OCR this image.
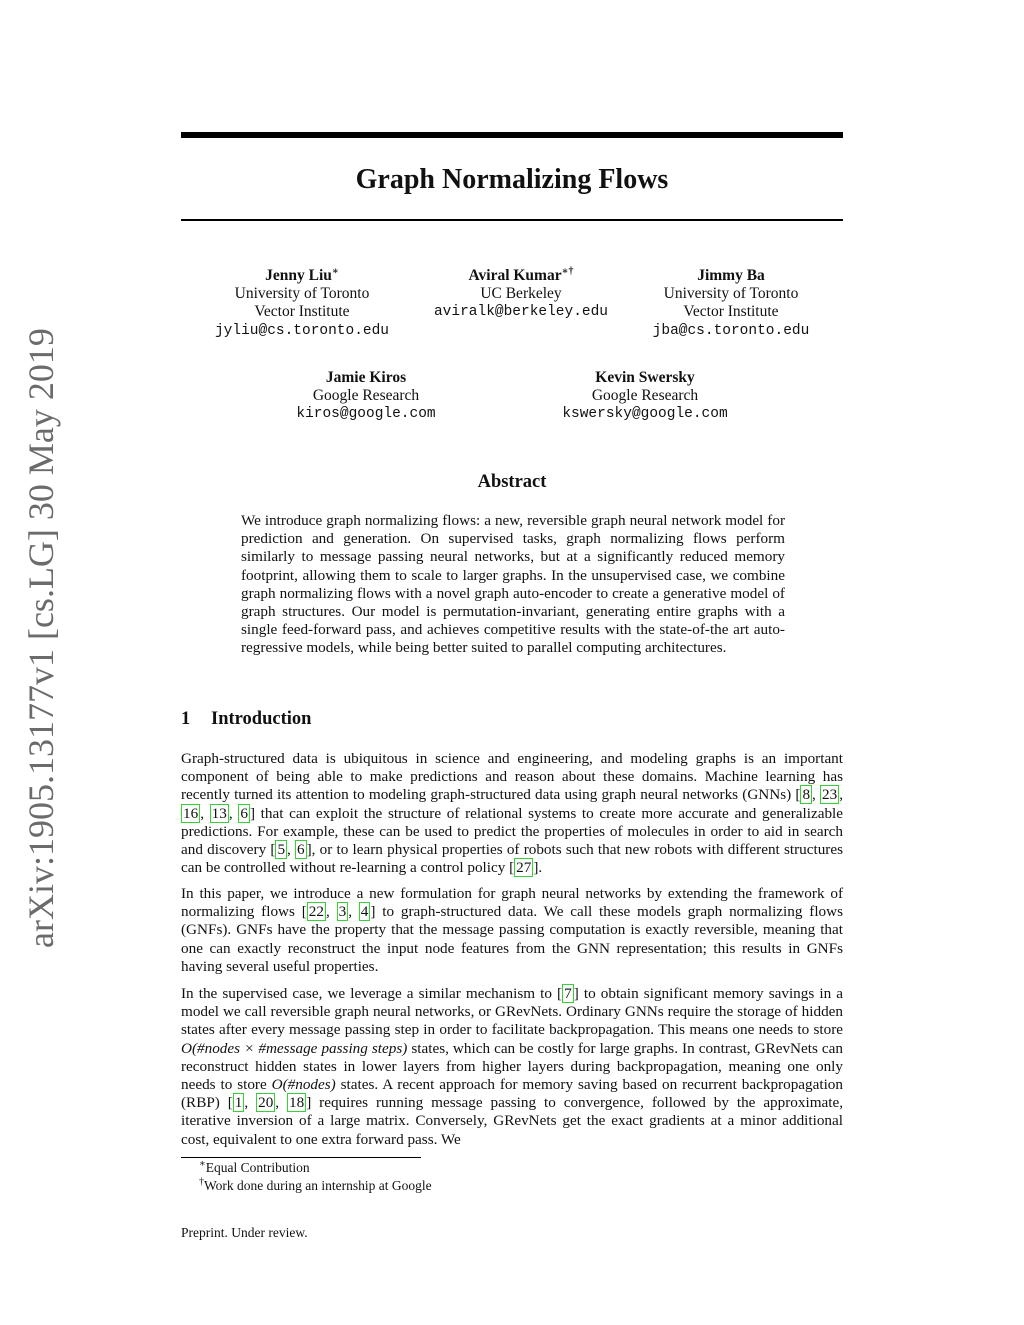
arXiv:1905.13177v1 [cs.LG] 30 May 2019
Graph Normalizing Flows
Jenny Liu∗
University of Toronto
Vector Institute
jyliu@cs.toronto.edu
Aviral Kumar∗†
UC Berkeley
aviralk@berkeley.edu
Jimmy Ba
University of Toronto
Vector Institute
jba@cs.toronto.edu
Jamie Kiros
Google Research
kiros@google.com
Kevin Swersky
Google Research
kswersky@google.com
Abstract
We introduce graph normalizing flows: a new, reversible graph neural network model for prediction and generation. On supervised tasks, graph normalizing flows perform similarly to message passing neural networks, but at a significantly reduced memory footprint, allowing them to scale to larger graphs. In the unsupervised case, we combine graph normalizing flows with a novel graph auto-encoder to create a generative model of graph structures. Our model is permutation-invariant, generating entire graphs with a single feed-forward pass, and achieves competitive results with the state-of-the art auto-regressive models, while being better suited to parallel computing architectures.
1 Introduction
Graph-structured data is ubiquitous in science and engineering, and modeling graphs is an important component of being able to make predictions and reason about these domains. Machine learning has recently turned its attention to modeling graph-structured data using graph neural networks (GNNs) [ 8 , 23 , 16 , 13 , 6 ] that can exploit the structure of relational systems to create more accurate and generalizable predictions. For example, these can be used to predict the properties of molecules in order to aid in search and discovery [ 5 , 6 ], or to learn physical properties of robots such that new robots with different structures can be controlled without re-learning a control policy [ 27 ].
In this paper, we introduce a new formulation for graph neural networks by extending the framework of normalizing flows [ 22 , 3 , 4 ] to graph-structured data. We call these models graph normalizing flows (GNFs). GNFs have the property that the message passing computation is exactly reversible, meaning that one can exactly reconstruct the input node features from the GNN representation; this results in GNFs having several useful properties.
In the supervised case, we leverage a similar mechanism to [ 7 ] to obtain significant memory savings in a model we call reversible graph neural networks, or GRevNets. Ordinary GNNs require the storage of hidden states after every message passing step in order to facilitate backpropagation. This means one needs to store O(#nodes × #message passing steps) states, which can be costly for large graphs. In contrast, GRevNets can reconstruct hidden states in lower layers from higher layers during backpropagation, meaning one only needs to store O(#nodes) states. A recent approach for memory saving based on recurrent backpropagation (RBP) [ 1 , 20 , 18 ] requires running message passing to convergence, followed by the approximate, iterative inversion of a large matrix. Conversely, GRevNets get the exact gradients at a minor additional cost, equivalent to one extra forward pass. We
∗Equal Contribution
†Work done during an internship at Google
Preprint. Under review.
